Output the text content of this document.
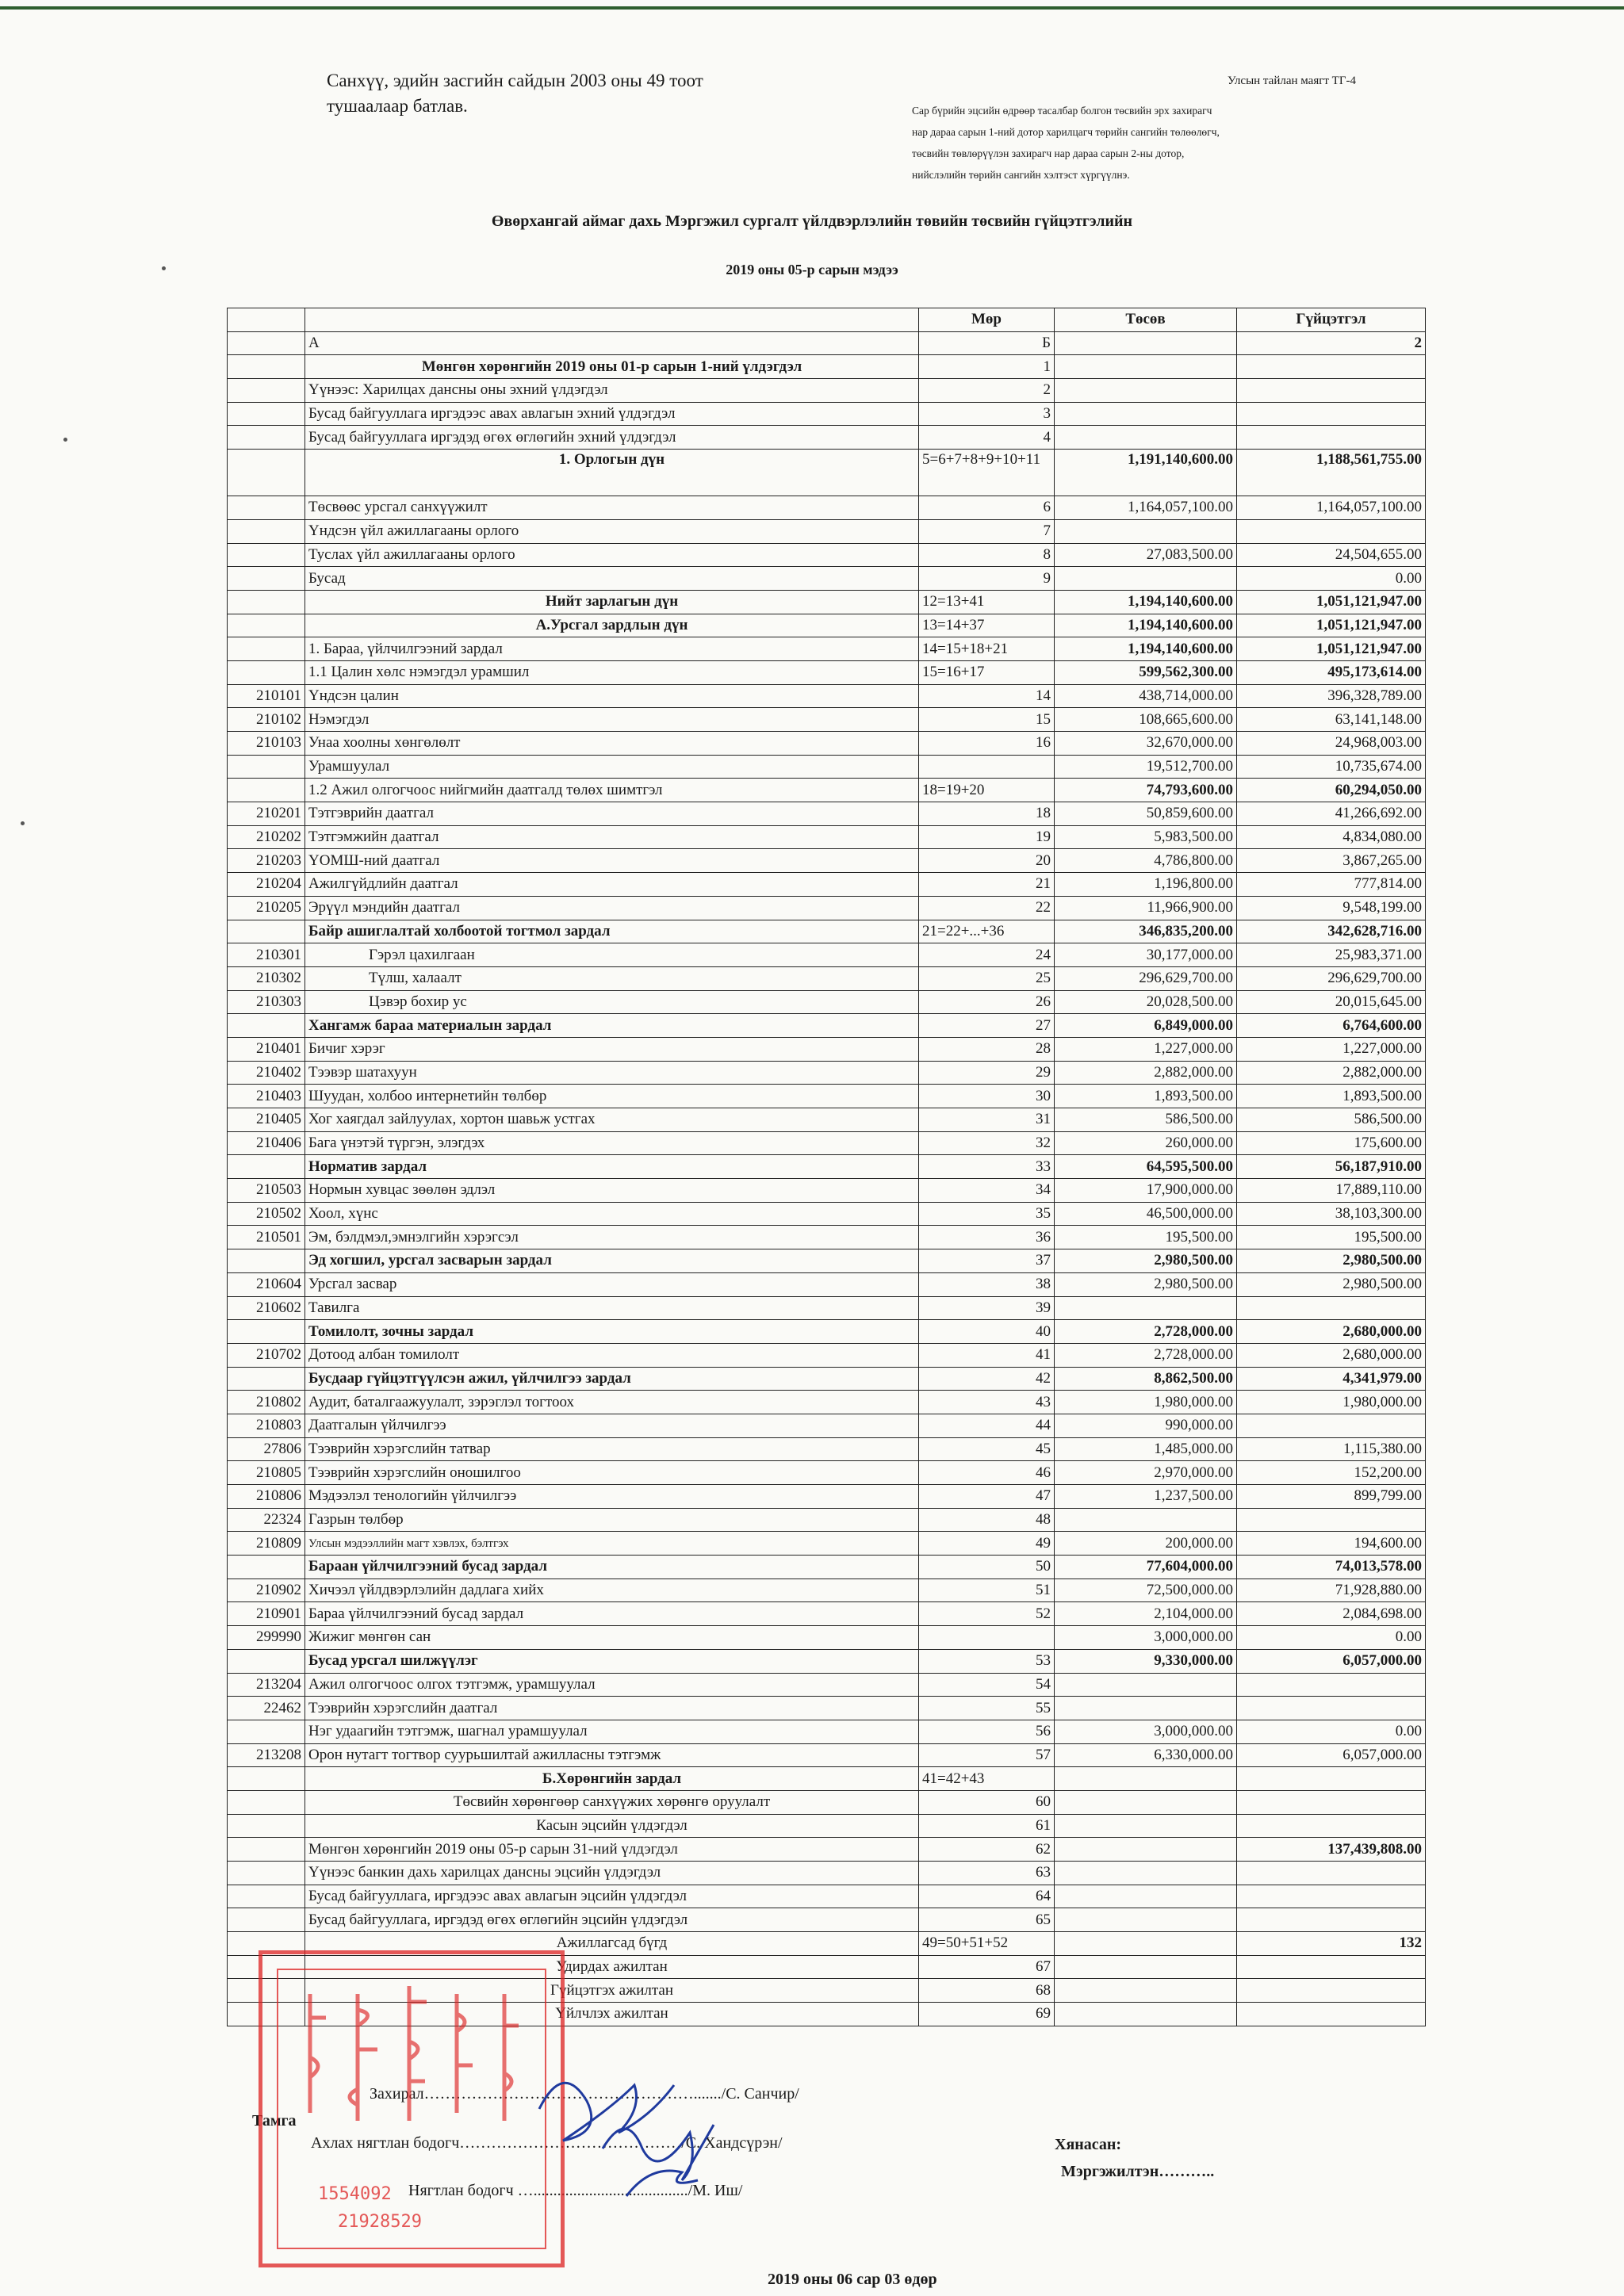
Санхүү, эдийн засгийн сайдын 2003 оны 49 тоот
тушаалаар батлав.
Улсын тайлан маягт ТГ-4
Сар бүрийн эцсийн өдрөөр тасалбар болгон төсвийн эрх захирагч
нар дараа сарын 1-ний дотор харилцагч төрийн сангийн төлөөлөгч,
төсвийн төвлөрүүлэн захирагч нар дараа сарын 2-ны дотор,
нийслэлийн төрийн сангийн хэлтэст хүргүүлнэ.
Өвөрхангай аймаг дахь Мэргэжил сургалт үйлдвэрлэлийн төвийн төсвийн гүйцэтгэлийн
2019 оны 05-р сарын мэдээ
		Мөр	Төсөв	Гүйцэтгэл
	А	Б		2
	Мөнгөн хөрөнгийн 2019 оны 01-р сарын 1-ний үлдэгдэл	1		
	Үүнээс: Харилцах дансны оны эхний үлдэгдэл	2		
	Бусад байгууллага иргэдээс авах авлагын эхний үлдэгдэл	3		
	Бусад байгууллага иргэдэд өгөх өглөгийн эхний үлдэгдэл	4		
	1. Орлогын дүн	5=6+7+8+9+10+11	1,191,140,600.00	1,188,561,755.00
	Төсвөөс урсгал санхүүжилт	6	1,164,057,100.00	1,164,057,100.00
	Үндсэн үйл ажиллагааны орлого	7		
	Туслах үйл ажиллагааны орлого	8	27,083,500.00	24,504,655.00
	Бусад	9		0.00
	Нийт зарлагын дүн	12=13+41	1,194,140,600.00	1,051,121,947.00
	А.Урсгал зардлын дүн	13=14+37	1,194,140,600.00	1,051,121,947.00
	1. Бараа, үйлчилгээний зардал	14=15+18+21	1,194,140,600.00	1,051,121,947.00
	1.1 Цалин хөлс нэмэгдэл урамшил	15=16+17	599,562,300.00	495,173,614.00
210101	Үндсэн цалин	14	438,714,000.00	396,328,789.00
210102	Нэмэгдэл	15	108,665,600.00	63,141,148.00
210103	Унаа хоолны хөнгөлөлт	16	32,670,000.00	24,968,003.00
	Урамшуулал		19,512,700.00	10,735,674.00
	1.2 Ажил олгогчоос нийгмийн даатгалд төлөх шимтгэл	18=19+20	74,793,600.00	60,294,050.00
210201	Тэтгэврийн даатгал	18	50,859,600.00	41,266,692.00
210202	Тэтгэмжийн даатгал	19	5,983,500.00	4,834,080.00
210203	ҮОМШ-ний даатгал	20	4,786,800.00	3,867,265.00
210204	Ажилгүйдлийн даатгал	21	1,196,800.00	777,814.00
210205	Эрүүл мэндийн даатгал	22	11,966,900.00	9,548,199.00
	Байр ашиглалтай холбоотой тогтмол зардал	21=22+...+36	346,835,200.00	342,628,716.00
210301	Гэрэл цахилгаан	24	30,177,000.00	25,983,371.00
210302	Түлш, халаалт	25	296,629,700.00	296,629,700.00
210303	Цэвэр бохир ус	26	20,028,500.00	20,015,645.00
	Хангамж бараа материалын зардал	27	6,849,000.00	6,764,600.00
210401	Бичиг хэрэг	28	1,227,000.00	1,227,000.00
210402	Тээвэр шатахуун	29	2,882,000.00	2,882,000.00
210403	Шуудан, холбоо интернетийн төлбөр	30	1,893,500.00	1,893,500.00
210405	Хог хаягдал зайлуулах, хортон шавьж устгах	31	586,500.00	586,500.00
210406	Бага үнэтэй түргэн, элэгдэх	32	260,000.00	175,600.00
	Норматив зардал	33	64,595,500.00	56,187,910.00
210503	Нормын хувцас зөөлөн эдлэл	34	17,900,000.00	17,889,110.00
210502	Хоол, хүнс	35	46,500,000.00	38,103,300.00
210501	Эм, бэлдмэл,эмнэлгийн хэрэгсэл	36	195,500.00	195,500.00
	Эд хогшил, урсгал засварын зардал	37	2,980,500.00	2,980,500.00
210604	Урсгал засвар	38	2,980,500.00	2,980,500.00
210602	Тавилга	39		
	Томилолт, зочны зардал	40	2,728,000.00	2,680,000.00
210702	Дотоод албан томилолт	41	2,728,000.00	2,680,000.00
	Бусдаар гүйцэтгүүлсэн ажил, үйлчилгээ зардал	42	8,862,500.00	4,341,979.00
210802	Аудит, баталгаажуулалт, зэрэглэл тогтоох	43	1,980,000.00	1,980,000.00
210803	Даатгалын үйлчилгээ	44	990,000.00	
27806	Тээврийн хэрэгслийн татвар	45	1,485,000.00	1,115,380.00
210805	Тээврийн хэрэгслийн оношилгоо	46	2,970,000.00	152,200.00
210806	Мэдээлэл тенологийн үйлчилгээ	47	1,237,500.00	899,799.00
22324	Газрын төлбөр	48		
210809	Улсын мэдээллийн магт хэвлэх, бэлтгэх	49	200,000.00	194,600.00
	Бараан үйлчилгээний бусад зардал	50	77,604,000.00	74,013,578.00
210902	Хичээл үйлдвэрлэлийн дадлага хийх	51	72,500,000.00	71,928,880.00
210901	Бараа үйлчилгээний бусад зардал	52	2,104,000.00	2,084,698.00
299990	Жижиг мөнгөн сан		3,000,000.00	0.00
	Бусад урсгал шилжүүлэг	53	9,330,000.00	6,057,000.00
213204	Ажил олгогчоос олгох тэтгэмж, урамшуулал	54		
22462	Тээврийн хэрэгслийн даатгал	55		
	Нэг удаагийн тэтгэмж, шагнал урамшуулал	56	3,000,000.00	0.00
213208	Орон нутагт тогтвор суурьшилтай ажилласны тэтгэмж	57	6,330,000.00	6,057,000.00
	Б.Хөрөнгийн зардал	41=42+43		
	Төсвийн хөрөнгөөр санхүүжих хөрөнгө оруулалт	60		
	Касын эцсийн үлдэгдэл	61		
	Мөнгөн хөрөнгийн 2019 оны 05-р сарын 31-ний үлдэгдэл	62		137,439,808.00
	Үүнээс банкин дахь харилцах дансны эцсийн үлдэгдэл	63		
	Бусад байгууллага, иргэдээс авах авлагын эцсийн үлдэгдэл	64		
	Бусад байгууллага, иргэдэд өгөх өглөгийн эцсийн үлдэгдэл	65		
	Ажиллагсад бүгд	49=50+51+52		132
	Удирдах ажилтан	67		
	Гүйцэтгэх ажилтан	68		
	Үйлчлэх ажилтан	69		
Захирал……………………………………………......./С. Санчир/
Тамга
Ахлах нягтлан бодогч……………………………………/С. Хандсүрэн/
Нягтлан бодогч …......................................./М. Иш/
Хянасан:
Мэргэжилтэн………..
2019 оны 06 сар 03 өдөр
1554092
21928529
